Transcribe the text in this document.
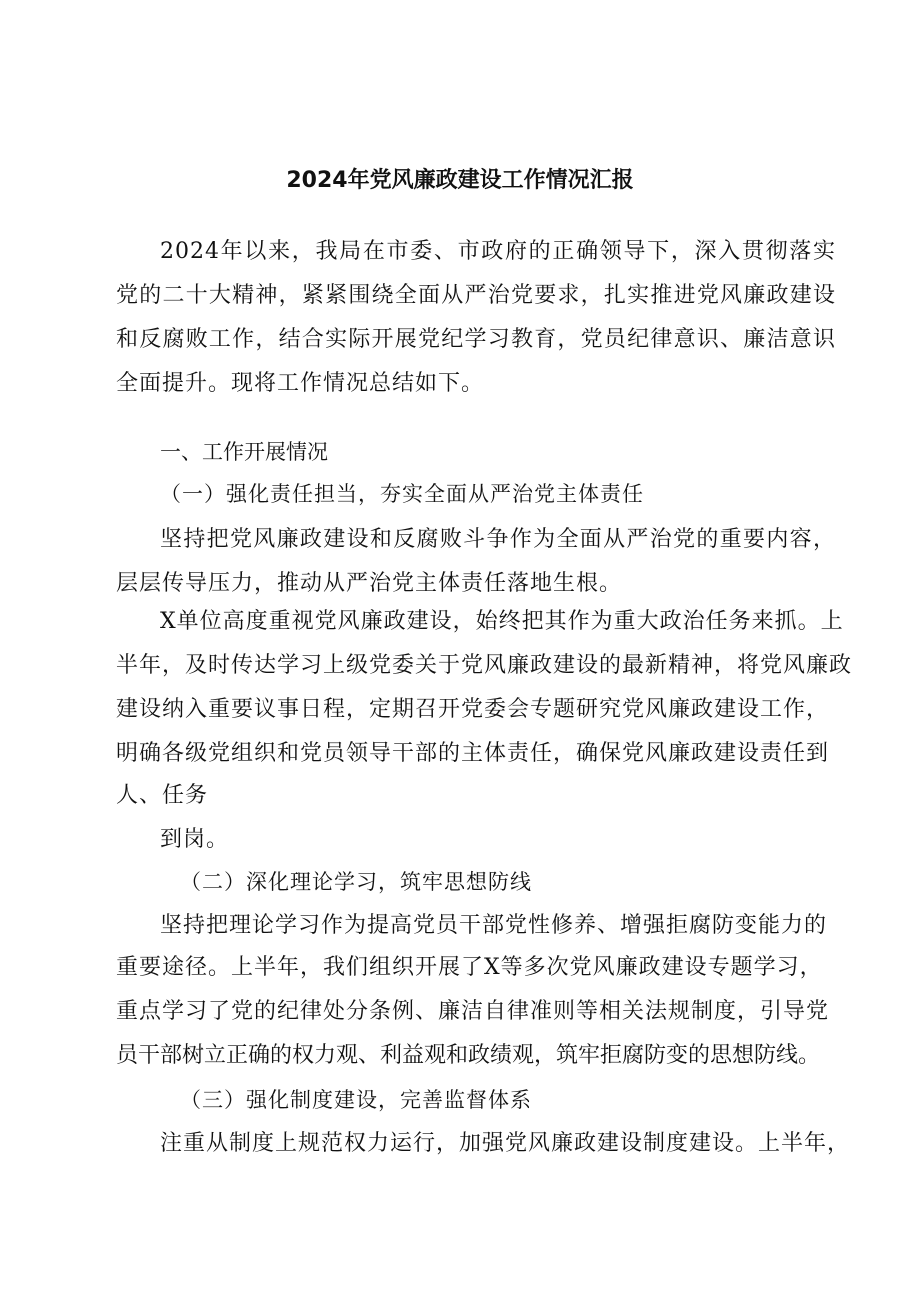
2024年党风廉政建设工作情况汇报
2024年以来，我局在市委、市政府的正确领导下，深入贯彻落实党的二十大精神，紧紧围绕全面从严治党要求，扎实推进党风廉政建设和反腐败工作，结合实际开展党纪学习教育，党员纪律意识、廉洁意识全面提升。现将工作情况总结如下。
一、工作开展情况
（一）强化责任担当，夯实全面从严治党主体责任
坚持把党风廉政建设和反腐败斗争作为全面从严治党的重要内容，层层传导压力，推动从严治党主体责任落地生根。
X单位高度重视党风廉政建设，始终把其作为重大政治任务来抓。上
半年，及时传达学习上级党委关于党风廉政建设的最新精神，将党风廉政
建设纳入重要议事日程，定期召开党委会专题研究党风廉政建设工作，
明确各级党组织和党员领导干部的主体责任，确保党风廉政建设责任到
人、任务
到岗。
（二）深化理论学习，筑牢思想防线
坚持把理论学习作为提高党员干部党性修养、增强拒腐防变能力的
重要途径。上半年，我们组织开展了X等多次党风廉政建设专题学习，
重点学习了党的纪律处分条例、廉洁自律准则等相关法规制度，引导党
员干部树立正确的权力观、利益观和政绩观，筑牢拒腐防变的思想防线。
（三）强化制度建设，完善监督体系
注重从制度上规范权力运行，加强党风廉政建设制度建设。上半年，
